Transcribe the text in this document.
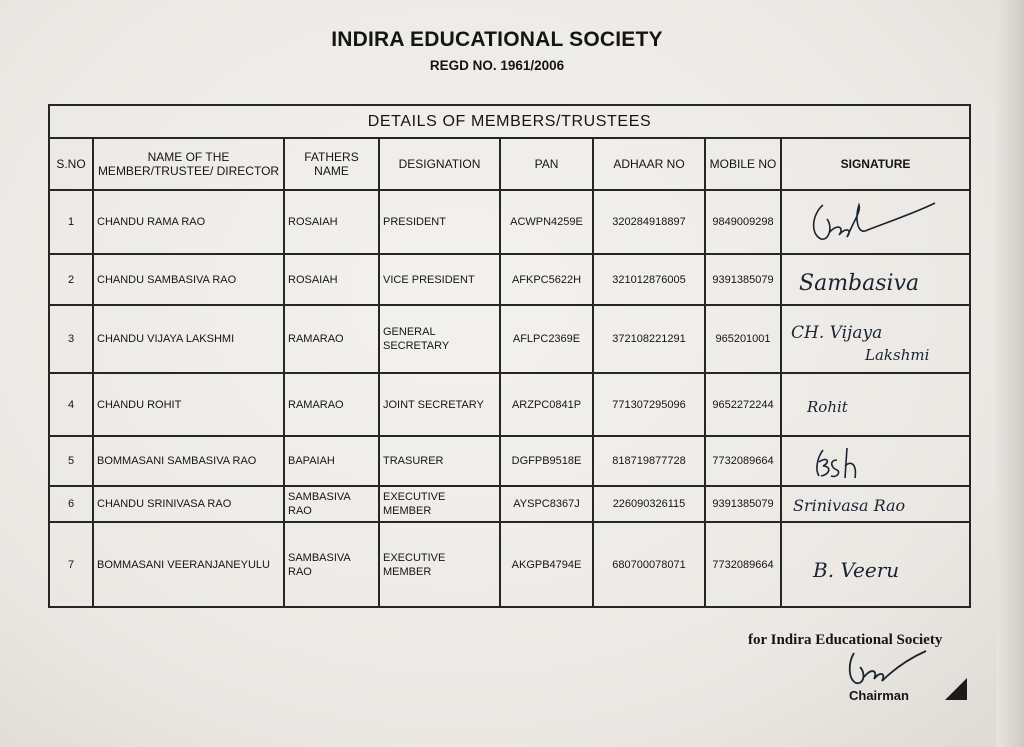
INDIRA EDUCATIONAL SOCIETY
REGD NO. 1961/2006
DETAILS OF MEMBERS/TRUSTEES							
S.NO	NAME OF THE MEMBER/TRUSTEE/ DIRECTOR	FATHERS NAME	DESIGNATION	PAN	ADHAAR NO	MOBILE NO	SIGNATURE
1	CHANDU RAMA RAO	ROSAIAH	PRESIDENT	ACWPN4259E	320284918897	9849009298	

2	CHANDU SAMBASIVA RAO	ROSAIAH	VICE PRESIDENT	AFKPC5622H	321012876005	9391385079	Sambasiva

3	CHANDU VIJAYA LAKSHMI	RAMARAO	GENERAL SECRETARY	AFLPC2369E	372108221291	965201001	CH. Vijaya
Lakshmi

4	CHANDU ROHIT	RAMARAO	JOINT SECRETARY	ARZPC0841P	771307295096	9652272244	Rohit

5	BOMMASANI SAMBASIVA RAO	BAPAIAH	TRASURER	DGFPB9518E	818719877728	7732089664	

6	CHANDU SRINIVASA RAO	SAMBASIVA RAO	EXECUTIVE MEMBER	AYSPC8367J	226090326115	9391385079	Srinivasa Rao

7	BOMMASANI VEERANJANEYULU	SAMBASIVA RAO	EXECUTIVE MEMBER	AKGPB4794E	680700078071	7732089664	B. Veeru
for Indira Educational Society
Chairman
